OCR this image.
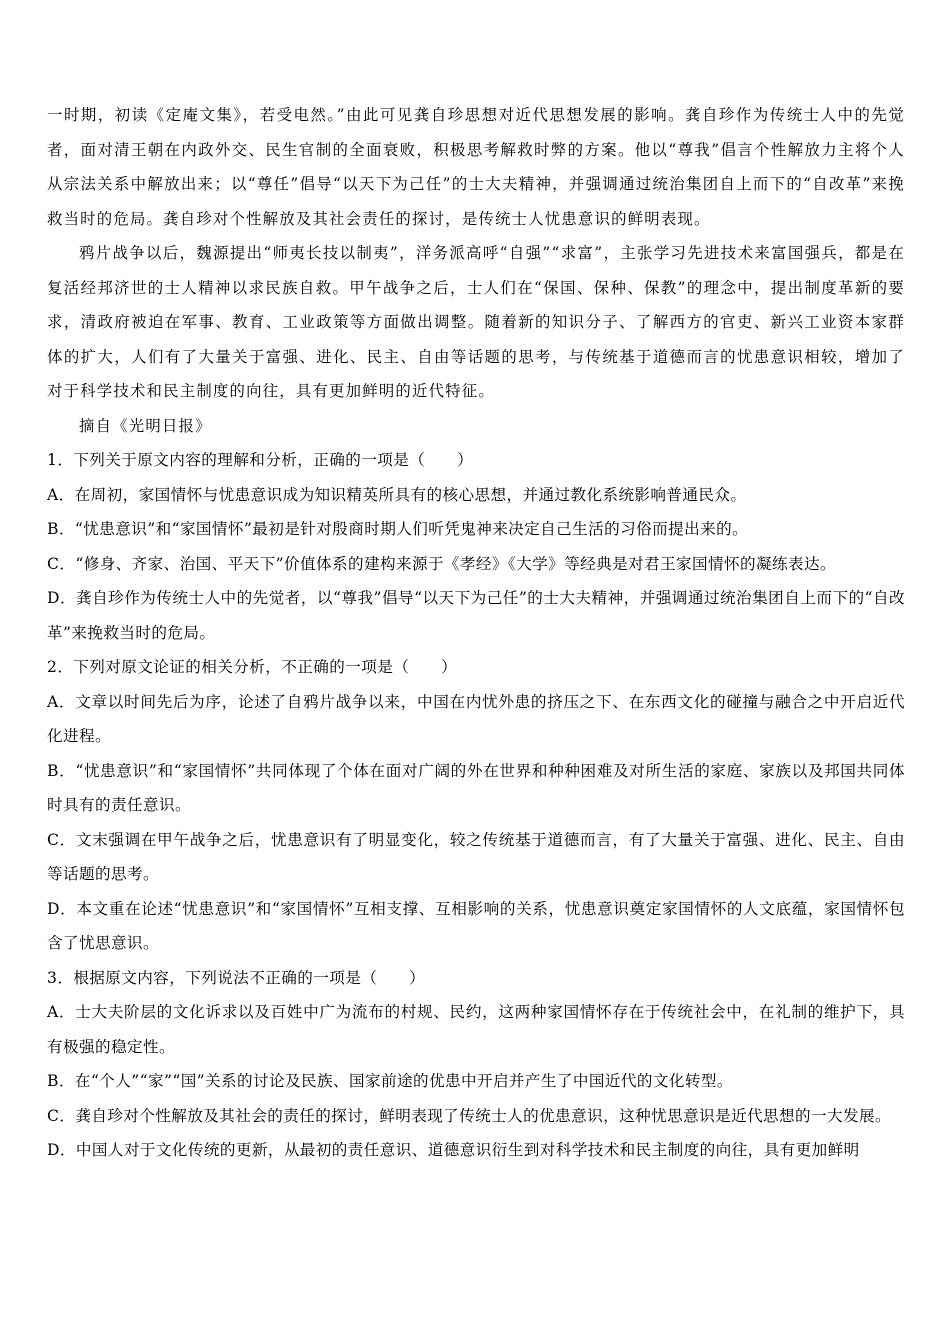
一时期，初读《定庵文集》，若受电然。”由此可见龚自珍思想对近代思想发展的影响。龚自珍作为传统士人中的先觉者，面对清王朝在内政外交、民生官制的全面衰败，积极思考解救时弊的方案。他以“尊我”倡言个性解放力主将个人从宗法关系中解放出来；以“尊任”倡导“以天下为己任”的士大夫精神，并强调通过统治集团自上而下的“自改革”来挽救当时的危局。龚自珍对个性解放及其社会责任的探讨，是传统士人忧患意识的鲜明表现。

鸦片战争以后，魏源提出“师夷长技以制夷”，洋务派高呼“自强”“求富”，主张学习先进技术来富国强兵，都是在复活经邦济世的士人精神以求民族自救。甲午战争之后，士人们在“保国、保种、保教”的理念中，提出制度革新的要求，清政府被迫在军事、教育、工业政策等方面做出调整。随着新的知识分子、了解西方的官吏、新兴工业资本家群体的扩大，人们有了大量关于富强、进化、民主、自由等话题的思考，与传统基于道德而言的忧患意识相较，增加了对于科学技术和民主制度的向往，具有更加鲜明的近代特征。

摘自《光明日报》

1．下列关于原文内容的理解和分析，正确的一项是（　　）

A．在周初，家国情怀与忧患意识成为知识精英所具有的核心思想，并通过教化系统影响普通民众。

B．“忧患意识”和“家国情怀”最初是针对殷商时期人们听凭鬼神来决定自己生活的习俗而提出来的。

C．“修身、齐家、治国、平天下”价值体系的建构来源于《孝经》《大学》等经典是对君王家国情怀的凝练表达。

D．龚自珍作为传统士人中的先觉者，以“尊我”倡导“以天下为己任”的士大夫精神，并强调通过统治集团自上而下的“自改革”来挽救当时的危局。

2．下列对原文论证的相关分析，不正确的一项是（　　）

A．文章以时间先后为序，论述了自鸦片战争以来，中国在内忧外患的挤压之下、在东西文化的碰撞与融合之中开启近代化进程。

B．“忧患意识”和“家国情怀”共同体现了个体在面对广阔的外在世界和种种困难及对所生活的家庭、家族以及邦国共同体时具有的责任意识。

C．文末强调在甲午战争之后，忧患意识有了明显变化，较之传统基于道德而言，有了大量关于富强、进化、民主、自由等话题的思考。

D．本文重在论述“忧患意识”和“家国情怀”互相支撑、互相影响的关系，忧患意识奠定家国情怀的人文底蕴，家国情怀包含了忧思意识。

3．根据原文内容，下列说法不正确的一项是（　　）

A．士大夫阶层的文化诉求以及百姓中广为流布的村规、民约，这两种家国情怀存在于传统社会中，在礼制的维护下，具有极强的稳定性。

B．在“个人”“家”“国”关系的讨论及民族、国家前途的优患中开启并产生了中国近代的文化转型。

C．龚自珍对个性解放及其社会的责任的探讨，鲜明表现了传统士人的优患意识，这种忧思意识是近代思想的一大发展。

D．中国人对于文化传统的更新，从最初的责任意识、道德意识衍生到对科学技术和民主制度的向往，具有更加鲜明
